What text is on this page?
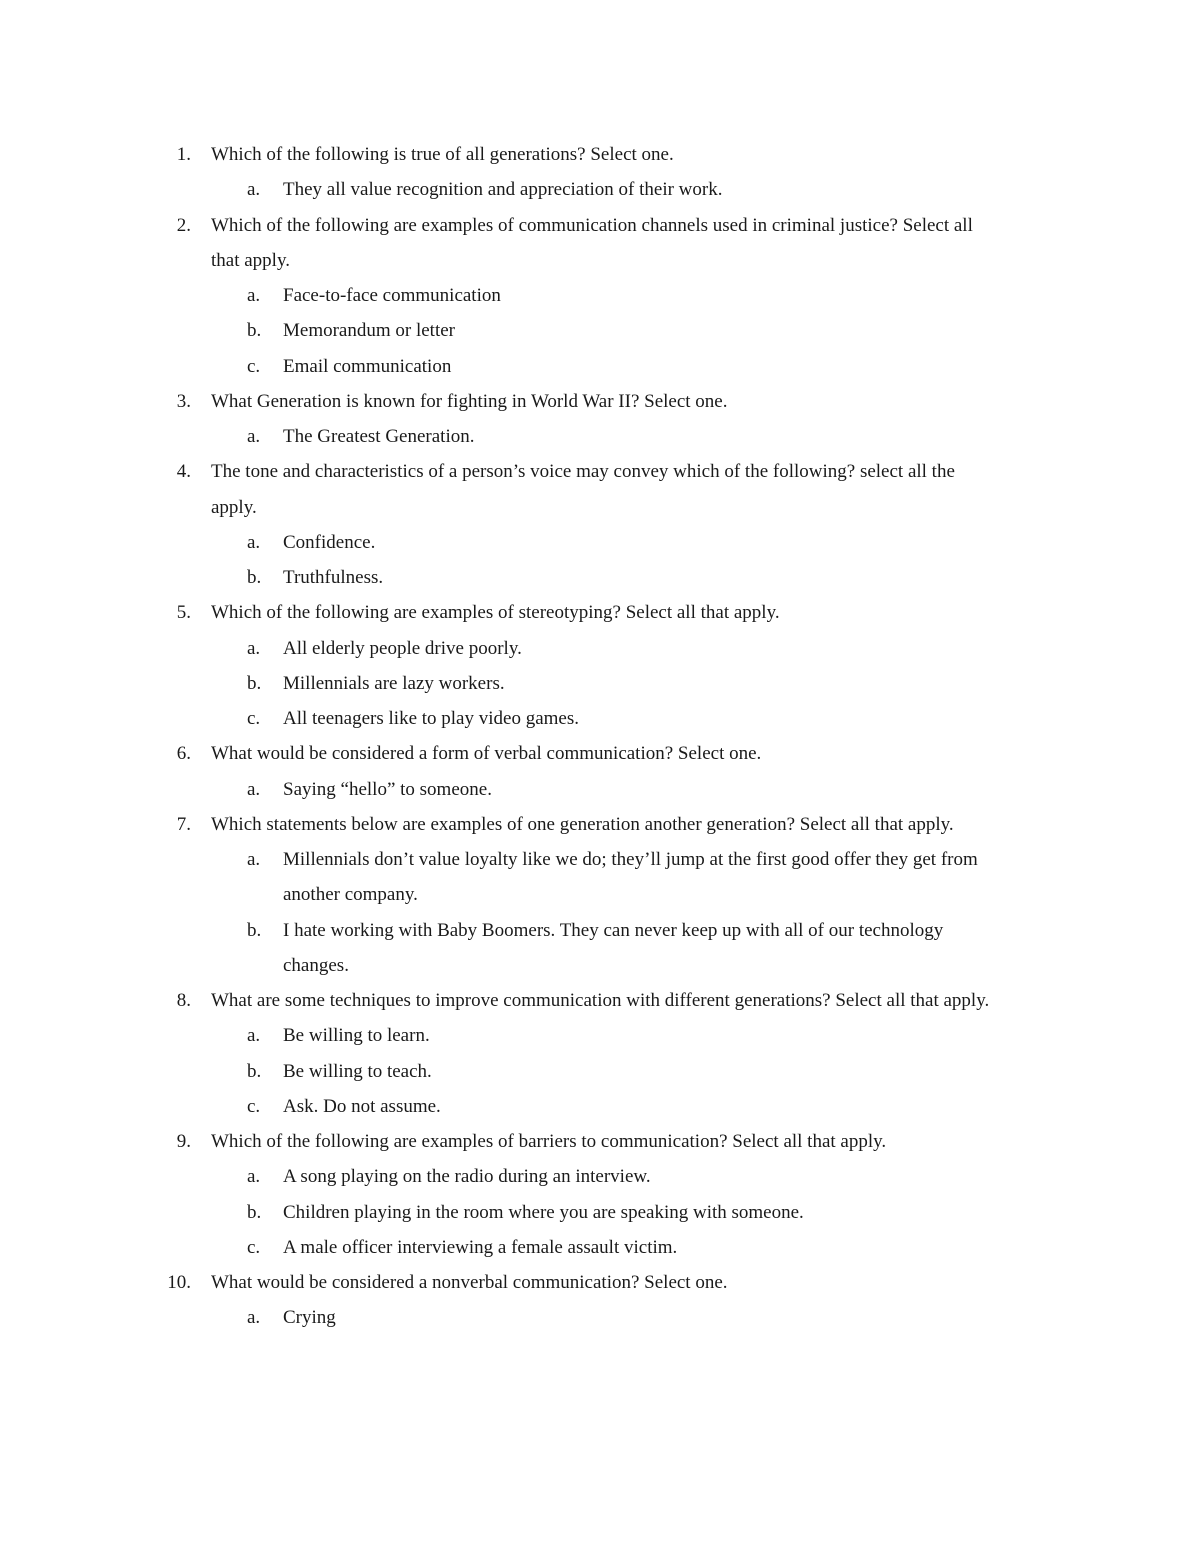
1. Which of the following is true of all generations? Select one.
a. They all value recognition and appreciation of their work.
2. Which of the following are examples of communication channels used in criminal justice? Select all
that apply.
a. Face-to-face communication
b. Memorandum or letter
c. Email communication
3. What Generation is known for fighting in World War II? Select one.
a. The Greatest Generation.
4. The tone and characteristics of a person’s voice may convey which of the following? select all the
apply.
a. Confidence.
b. Truthfulness.
5. Which of the following are examples of stereotyping? Select all that apply.
a. All elderly people drive poorly.
b. Millennials are lazy workers.
c. All teenagers like to play video games.
6. What would be considered a form of verbal communication? Select one.
a. Saying “hello” to someone.
7. Which statements below are examples of one generation another generation? Select all that apply.
a. Millennials don’t value loyalty like we do; they’ll jump at the first good offer they get from
another company.
b. I hate working with Baby Boomers. They can never keep up with all of our technology
changes.
8. What are some techniques to improve communication with different generations? Select all that apply.
a. Be willing to learn.
b. Be willing to teach.
c. Ask. Do not assume.
9. Which of the following are examples of barriers to communication? Select all that apply.
a. A song playing on the radio during an interview.
b. Children playing in the room where you are speaking with someone.
c. A male officer interviewing a female assault victim.
10. What would be considered a nonverbal communication? Select one.
a. Crying
